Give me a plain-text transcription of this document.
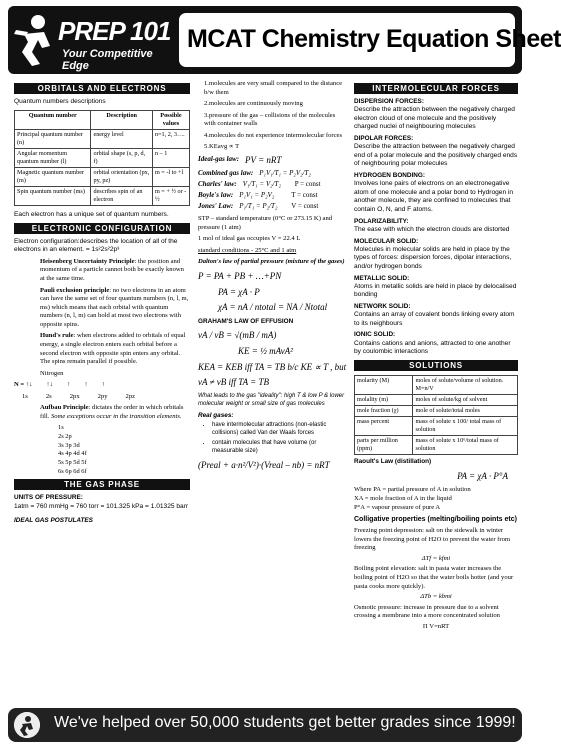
PREP 101
Your Competitive Edge
MCAT Chemistry Equation Sheet
ORBITALS AND ELECTRONS
Quantum numbers descriptions
Quantum number	Description	Possible values
Principal quantum number (n)	energy level	n=1, 2, 3….
Angular momentum quantum number (l)	orbital shape (s, p, d, f)	n – 1
Magnetic quantum number (m)	orbital orientation (px, py, pz)	m = -l to +l
Spin quantum number (ms)	describes spin of an electron	m = + ½ or - ½
Each electron has a unique set of quantum numbers.
ELECTRONIC CONFIGURATION
Electron configuration:describes the location of all of the electrons in an element. = 1s²2s²2p³
Heisenberg Uncertainty Principle: the position and momentum of a particle cannot both be exactly known at the same time.
Pauli exclusion principle: no two electrons in an atom can have the same set of four quantum numbers (n, l, m, ms) which means that each orbital with quantum numbers (n, l, m) can hold at most two electrons with opposite spins.
Hund's rule: when electrons added to orbitals of equal energy, a single electron enters each orbital before a second electron with opposite spin enters any orbital. The spins remain parallel if possible.
Nitrogen
N = ↑↓ ↑↓ ↑ ↑ ↑
1s	2s	2px	2py	2pz
Aufbau Principle: dictates the order in which orbitals fill. Some exceptions occur in the transition elements.
1s
2s 2p
3s 3p 3d
4s 4p 4d 4f
5s 5p 5d 5f
6s 6p 6d 6f
THE GAS PHASE
UNITS OF PRESSURE:
1atm = 760 mmHg = 760 torr = 101.325 kPa = 1.01325 barr
IDEAL GAS POSTULATES
1.molecules are very small compared to the distance b/w them
2.molecules are continuously moving
3.pressure of the gas – collisions of the molecules with container walls
4.molecules do not experience intermolecular forces
5.KEavg ∝ T
Ideal-gas law: PV = nRT
Combined gas law: P₁V₁/T₁ = P₂V₂/T₂
Charles' law: V₁/T₁ = V₂/T₂	P = const
Boyle's law: P₁V₁ = P₂V₂	T = const
Jones' Law: P₁/T₁ = P₂/T₂	V = const
STP – standard temperature (0°C or 273.15 K) and pressure (1 atm)
1 mol of ideal gas occupies V = 22.4 L
standard conditions - 25°C and 1 atm
Dalton's law of partial pressure (mixture of the gases)
P = PA + PB + …+PN
PA = χA · P
χA = nA / ntotal = NA / Ntotal
GRAHAM'S LAW OF EFFUSION
vA / vB = √(mB / mA)
KE = ½ mAvA²
KEA = KEB iff TA = TB b/c KE ∝ T , but
vA ≠ vB iff TA = TB
What leads to the gas "ideality": high T & low P & lower molecular weight or small size of gas molecules
Real gases:
• have intermolecular attractions (non-elastic collisions) called Van der Waals forces
• contain molecules that have volume (or measurable size)
(Preal + a·n²/V²)·(Vreal – nb) = nRT
INTERMOLECULAR FORCES
DISPERSION FORCES:
Describe the attraction between the negatively charged electron cloud of one molecule and the positively charged nuclei of neighbouring molecules
DIPOLAR FORCES:
Describe the attraction between the negatively charged end of a polar molecule and the positively charged ends of neighbouring polar molecules
HYDROGEN BONDING:
Involves lone pairs of electrons on an electronegative atom of one molecule and a polar bond to Hydrogen in another molecule, they are confined to molecules that contain O, N, and F atoms.
POLARIZABILITY:
The ease with which the electron clouds are distorted
MOLECULAR SOLID:
Molecules in molecular solids are held in place by the types of forces: dispersion forces, dipolar interactions, and/or hydrogen bonds
METALLIC SOLID:
Atoms in metallic solids are held in place by delocalised bonding
NETWORK SOLID:
Contains an array of covalent bonds linking every atom to its neighbours
IONIC SOLID:
Contains cations and anions, attracted to one another by coulombic interactions
SOLUTIONS
molarity (M)	moles of solute/volume of solution. M=n/V
molality (m)	moles of solute/kg of solvent
mole fraction (χ)	mole of solute/total moles
mass percent	mass of solute x 100/ total mass of solution
parts per million (ppm)	mass of solute x 10⁶/total mass of solution
Raoult's Law (distillation)
PA = χA · P°A
Where PA = partial pressure of A in solution
XA = mole fraction of A in the liquid
P°A = vapour pressure of pure A
Colligative properties (melting/boiling points etc)
Freezing point depression: salt on the sidewalk in winter lowers the freezing point of H2O to prevent the water from freezing
ΔTf = kfmi
Boiling point elevation: salt in pasta water increases the boiling point of H2O so that the water boils hotter (and your pasta cooks more quickly).
ΔTb = kbmi
Osmotic pressure: increase in pressure due to a solvent crossing a membrane into a more concentrated solution
Π V=nRT
We've helped over 50,000 students get better grades since 1999!
